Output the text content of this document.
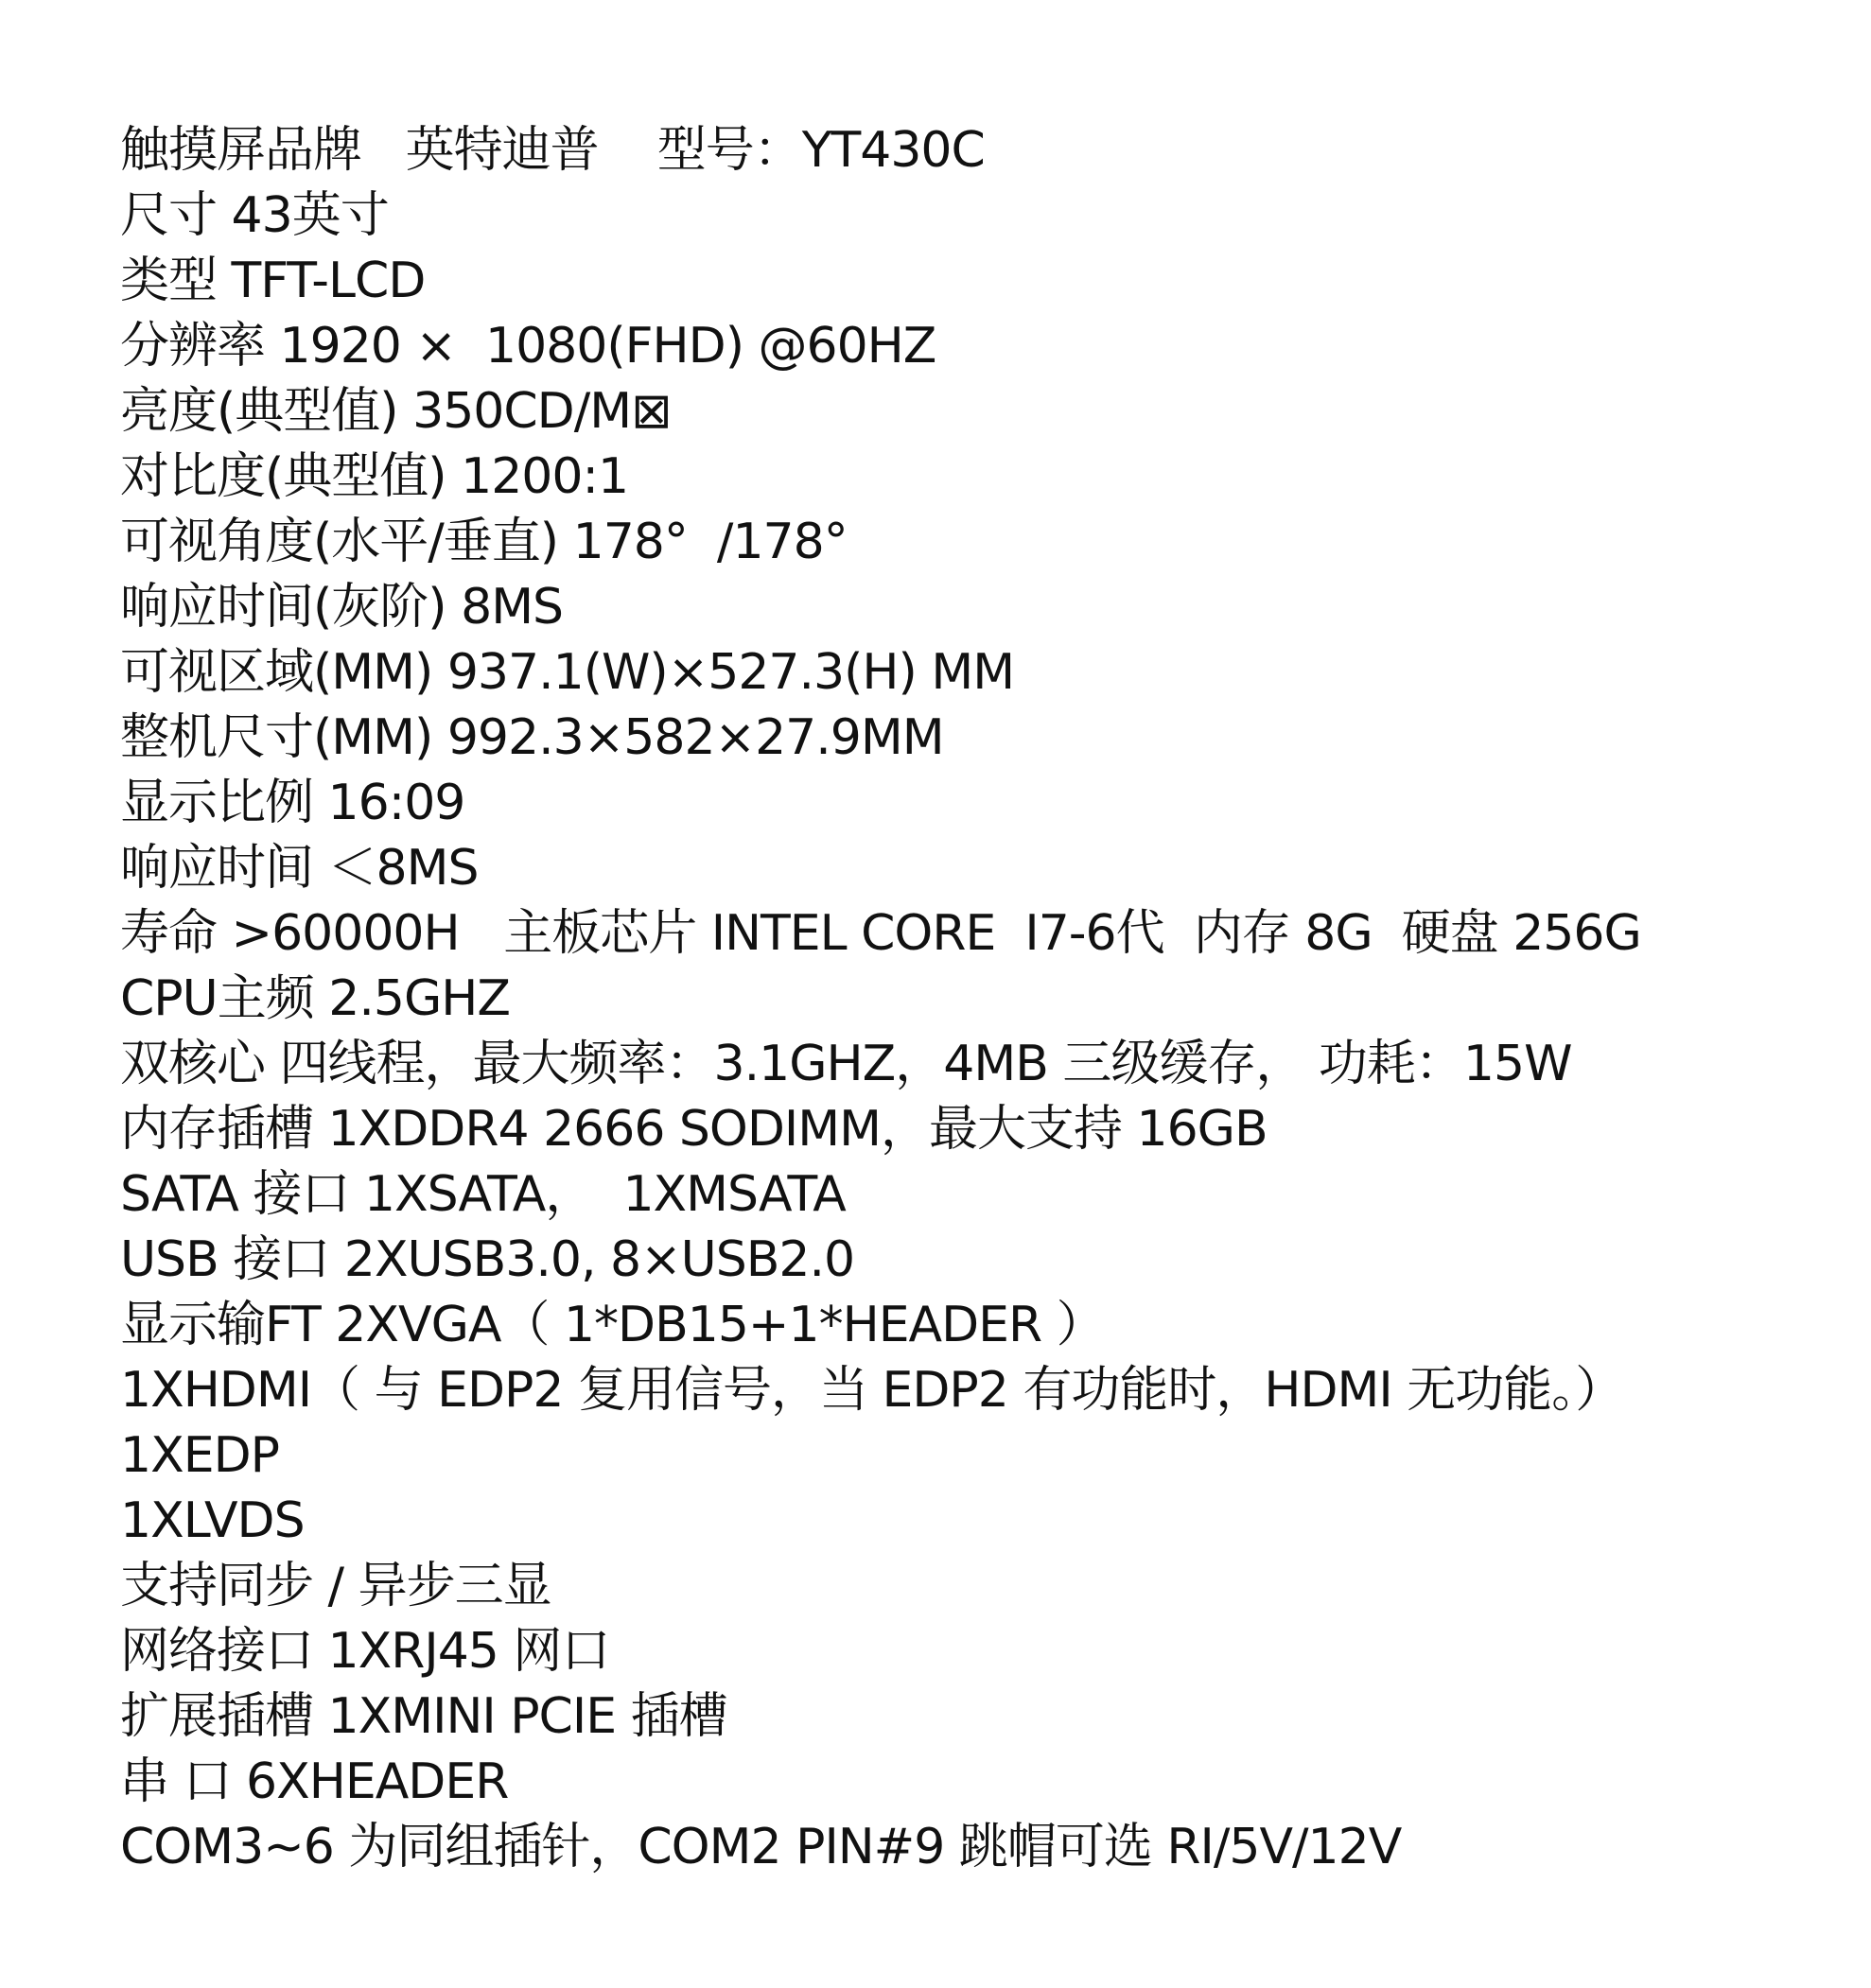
触摸屏品牌   英特迪普    型号：YT430C
尺寸 43英寸
类型 TFT-LCD
分辨率 1920 ×  1080(FHD) @60HZ
亮度(典型值) 350CD/M⊠
对比度(典型值) 1200:1
可视角度(水平/垂直) 178°  /178°
响应时间(灰阶) 8MS
可视区域(MM) 937.1(W)×527.3(H) MM
整机尺寸(MM) 992.3×582×27.9MM
显示比例 16:09
响应时间 ＜8MS
寿命 >60000H   主板芯片 INTEL CORE  I7-6代  内存 8G  硬盘 256G
CPU主频 2.5GHZ
双核心 四线程，最大频率：3.1GHZ，4MB 三级缓存， 功耗：15W
内存插槽 1XDDR4 2666 SODIMM，最大支持 16GB
SATA 接口 1XSATA，  1XMSATA
USB 接口 2XUSB3.0, 8×USB2.0
显示输FT 2XVGA（ 1*DB15+1*HEADER ）
1XHDMI（ 与 EDP2 复用信号，当 EDP2 有功能时，HDMI 无功能。）
1XEDP
1XLVDS
支持同步 / 异步三显
网络接口 1XRJ45 网口
扩展插槽 1XMINI PCIE 插槽
串 口 6XHEADER
COM3~6 为同组插针，COM2 PIN#9 跳帽可选 RI/5V/12V
